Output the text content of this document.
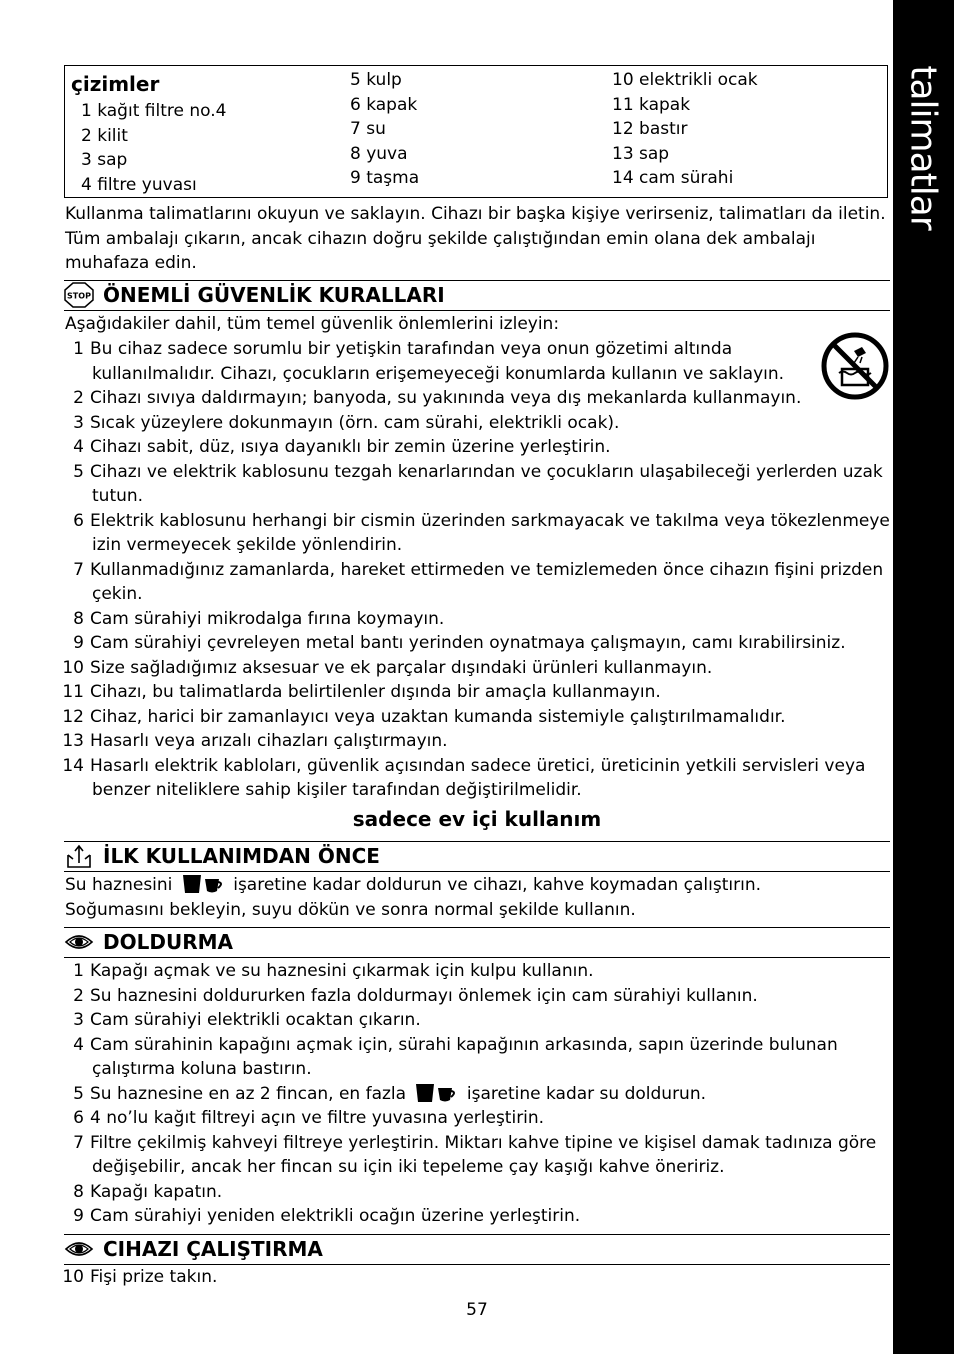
talimatlar
çizimler
1 kağıt filtre no.4
2 kilit
3 sap
4 filtre yuvası
5 kulp
6 kapak
7 su
8 yuva
9 taşma
10 elektrikli ocak
11 kapak
12 bastır
13 sap
14 cam sürahi
Kullanma talimatlarını okuyun ve saklayın. Cihazı bir başka kişiye verirseniz, talimatları da iletin.
Tüm ambalajı çıkarın, ancak cihazın doğru şekilde çalıştığından emin olana dek ambalajı
muhafaza edin.
STOP ÖNEMLİ GÜVENLİK KURALLARI
Aşağıdakiler dahil, tüm temel güvenlik önlemlerini izleyin:
1 Bu cihaz sadece sorumlu bir yetişkin tarafından veya onun gözetimi altında
kullanılmalıdır. Cihazı, çocukların erişemeyeceği konumlarda kullanın ve saklayın.
2 Cihazı sıvıya daldırmayın; banyoda, su yakınında veya dış mekanlarda kullanmayın.
3 Sıcak yüzeylere dokunmayın (örn. cam sürahi, elektrikli ocak).
4 Cihazı sabit, düz, ısıya dayanıklı bir zemin üzerine yerleştirin.
5 Cihazı ve elektrik kablosunu tezgah kenarlarından ve çocukların ulaşabileceği yerlerden uzak
tutun.
6 Elektrik kablosunu herhangi bir cismin üzerinden sarkmayacak ve takılma veya tökezlenmeye
izin vermeyecek şekilde yönlendirin.
7 Kullanmadığınız zamanlarda, hareket ettirmeden ve temizlemeden önce cihazın fişini prizden
çekin.
8 Cam sürahiyi mikrodalga fırına koymayın.
9 Cam sürahiyi çevreleyen metal bantı yerinden oynatmaya çalışmayın, camı kırabilirsiniz.
10 Size sağladığımız aksesuar ve ek parçalar dışındaki ürünleri kullanmayın.
11 Cihazı, bu talimatlarda belirtilenler dışında bir amaçla kullanmayın.
12 Cihaz, harici bir zamanlayıcı veya uzaktan kumanda sistemiyle çalıştırılmamalıdır.
13 Hasarlı veya arızalı cihazları çalıştırmayın.
14 Hasarlı elektrik kabloları, güvenlik açısından sadece üretici, üreticinin yetkili servisleri veya
benzer niteliklere sahip kişiler tarafından değiştirilmelidir.
sadece ev içi kullanım
İLK KULLANIMDAN ÖNCE
Su haznesini	işaretine kadar doldurun ve cihazı, kahve koymadan çalıştırın.
Soğumasını bekleyin, suyu dökün ve sonra normal şekilde kullanın.
DOLDURMA
1 Kapağı açmak ve su haznesini çıkarmak için kulpu kullanın.
2 Su haznesini doldururken fazla doldurmayı önlemek için cam sürahiyi kullanın.
3 Cam sürahiyi elektrikli ocaktan çıkarın.
4 Cam sürahinin kapağını açmak için, sürahi kapağının arkasında, sapın üzerinde bulunan
çalıştırma koluna bastırın.
5 Su haznesine en az 2 fincan, en fazla	işaretine kadar su doldurun.
6 4 no’lu kağıt filtreyi açın ve filtre yuvasına yerleştirin.
7 Filtre çekilmiş kahveyi filtreye yerleştirin. Miktarı kahve tipine ve kişisel damak tadınıza göre
değişebilir, ancak her fincan su için iki tepeleme çay kaşığı kahve öneririz.
8 Kapağı kapatın.
9 Cam sürahiyi yeniden elektrikli ocağın üzerine yerleştirin.
CIHAZI ÇALIŞTIRMA
10 Fişi prize takın.
57
